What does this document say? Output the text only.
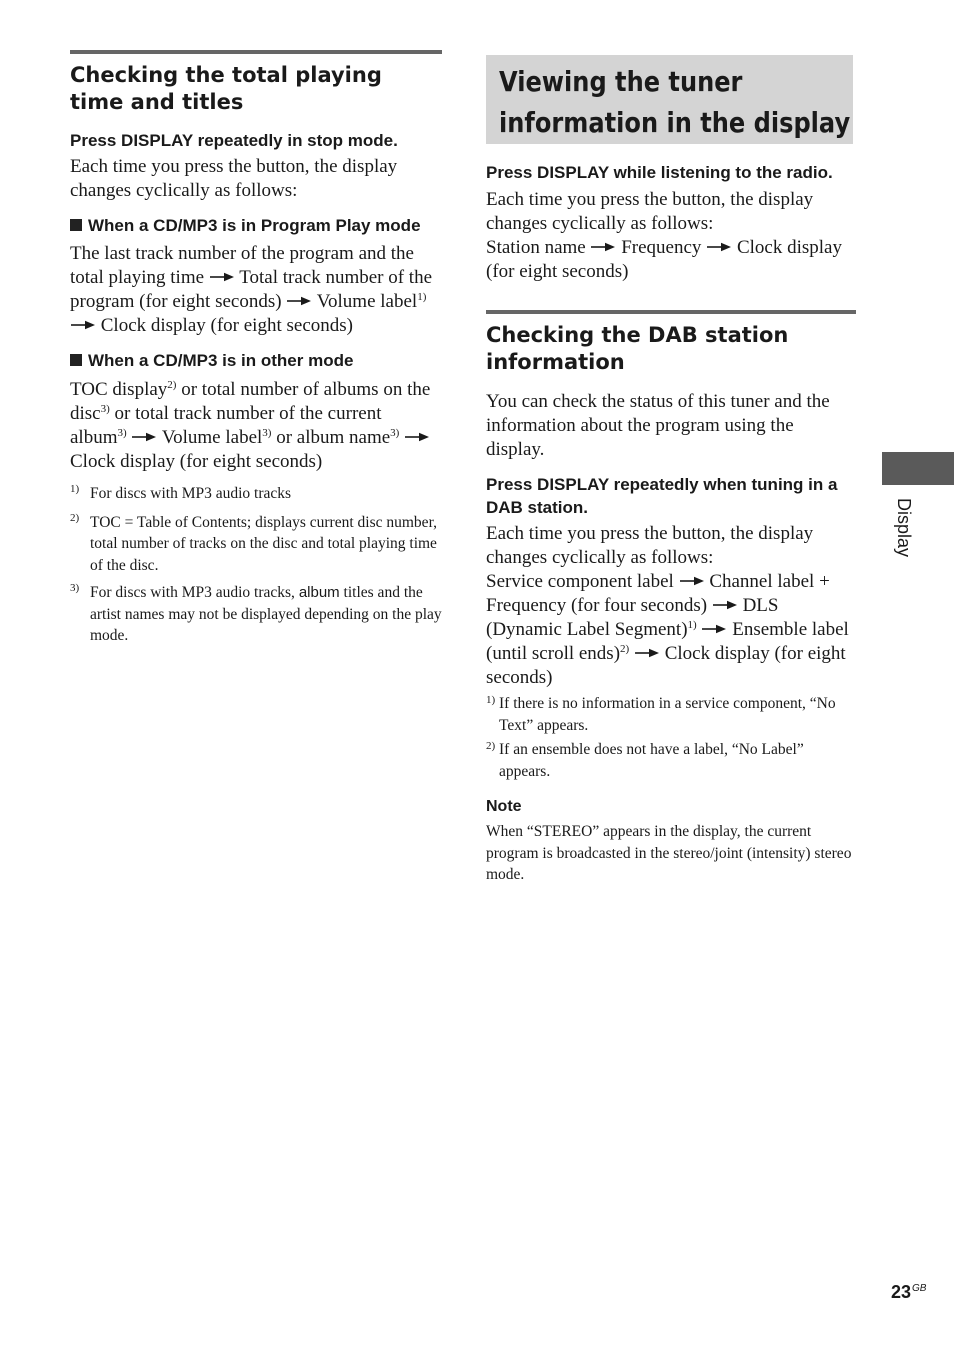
Checking the total playing time and titles

Press DISPLAY repeatedly in stop mode.

Each time you press the button, the display changes cyclically as follows:

When a CD/MP3 is in Program Play mode

The last track number of the program and the total playing time Total track number of the program (for eight seconds) Volume label$^{1)}$
Clock display (for eight seconds)

When a CD/MP3 is in other mode

TOC display$^{2)}$ or total number of albums on the disc$^{3)}$ or total track number of the current album$^{3)}$ Volume label$^{3)}$ or album name$^{3)}$  Clock display (for eight seconds)

1) For discs with MP3 audio tracks

2) TOC = Table of Contents; displays current disc number, total number of tracks on the disc and total playing time of the disc.

3) For discs with MP3 audio tracks, album titles and the artist names may not be displayed depending on the play mode.

Viewing the tuner

information in the display

Press DISPLAY while listening to the radio.

Each time you press the button, the display changes cyclically as follows:
Station name Frequency Clock display (for eight seconds)

Checking the DAB station information

You can check the status of this tuner and the information about the program using the display.

Press DISPLAY repeatedly when tuning in a DAB station.

Each time you press the button, the display changes cyclically as follows:
Service component label Channel label + Frequency (for four seconds) DLS (Dynamic Label Segment)$^{1)}$ Ensemble label (until scroll ends)$^{2)}$ Clock display (for eight seconds)

1) If there is no information in a service component, “No Text” appears.

2) If an ensemble does not have a label, “No Label” appears.

Note

When “STEREO” appears in the display, the current program is broadcasted in the stereo/joint (intensity) stereo mode.

Display
$23^{GB}$
